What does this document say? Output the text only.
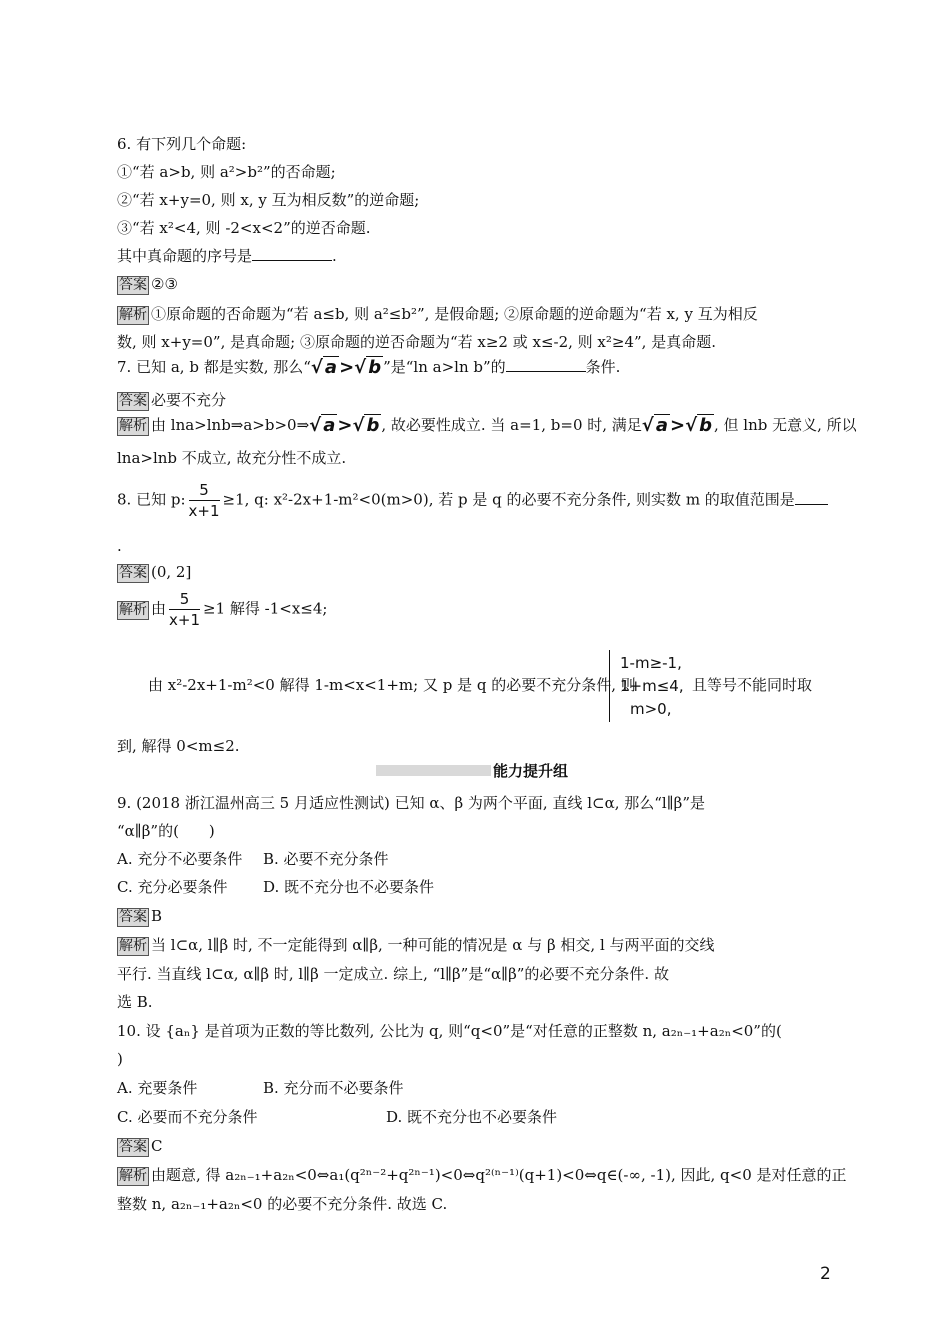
6. 有下列几个命题:
①“若 a>b, 则 a²>b²”的否命题;
②“若 x+y=0, 则 x, y 互为相反数”的逆命题;
③“若 x²<4, 则 -2<x<2”的逆否命题.
其中真命题的序号是	.
答案 ②③
解析 ①原命题的否命题为“若 a≤b, 则 a²≤b²”, 是假命题; ②原命题的逆命题为“若 x, y 互为相反
数, 则 x+y=0”, 是真命题; ③原命题的逆否命题为“若 x≥2 或 x≤-2, 则 x²≥4”, 是真命题.
7. 已知 a, b 都是实数, 那么“√ a >√ b ”是“ln a>ln b”的	条件.
答案 必要不充分
解析 由 lna>lnb⇒a>b>0⇒√ a >√ b , 故必要性成立. 当 a=1, b=0 时, 满足√ a >√ b , 但 lnb 无意义, 所以
lna>lnb 不成立, 故充分性不成立.
8. 已知 p: $\frac{5}{x+1} \ge 1$, q: x²-2x+1-m²<0(m>0), 若 p 是 q 的必要不充分条件, 则实数 m 的取值范围是
.
答案 (0, 2]
解析 由 $\frac{5}{x+1} \ge 1$ 解得 -1<x≤4;
由 x²-2x+1-m²<0 解得 1-m<x<1+m; 又 p 是 q 的必要不充分条件, 则
1-m≥-1,
1+m≤4,
m>0,
且等号不能同时取
到, 解得 0<m≤2.
能力提升组
9. (2018 浙江温州高三 5 月适应性测试) 已知 α、β 为两个平面, 直线 l⊂α, 那么“l∥β”是
“α∥β”的(　　)
A. 充分不必要条件 B. 必要不充分条件
C. 充分必要条件 D. 既不充分也不必要条件
答案 B
解析 当 l⊂α, l∥β 时, 不一定能得到 α∥β, 一种可能的情况是 α 与 β 相交, l 与两平面的交线
平行. 当直线 l⊂α, α∥β 时, l∥β 一定成立. 综上, “l∥β”是“α∥β”的必要不充分条件. 故
选 B.
10. 设 {aₙ} 是首项为正数的等比数列, 公比为 q, 则“q<0”是“对任意的正整数 n, a₂ₙ₋₁+a₂ₙ<0”的(
)
A. 充要条件	B. 充分而不必要条件
C. 必要而不充分条件	D. 既不充分也不必要条件
答案 C
解析 由题意, 得 a₂ₙ₋₁+a₂ₙ<0⇔a₁(q²ⁿ⁻²+q²ⁿ⁻¹)<0⇔q²⁽ⁿ⁻¹⁾(q+1)<0⇔q∈(-∞, -1), 因此, q<0 是对任意的正
整数 n, a₂ₙ₋₁+a₂ₙ<0 的必要不充分条件. 故选 C.
2
